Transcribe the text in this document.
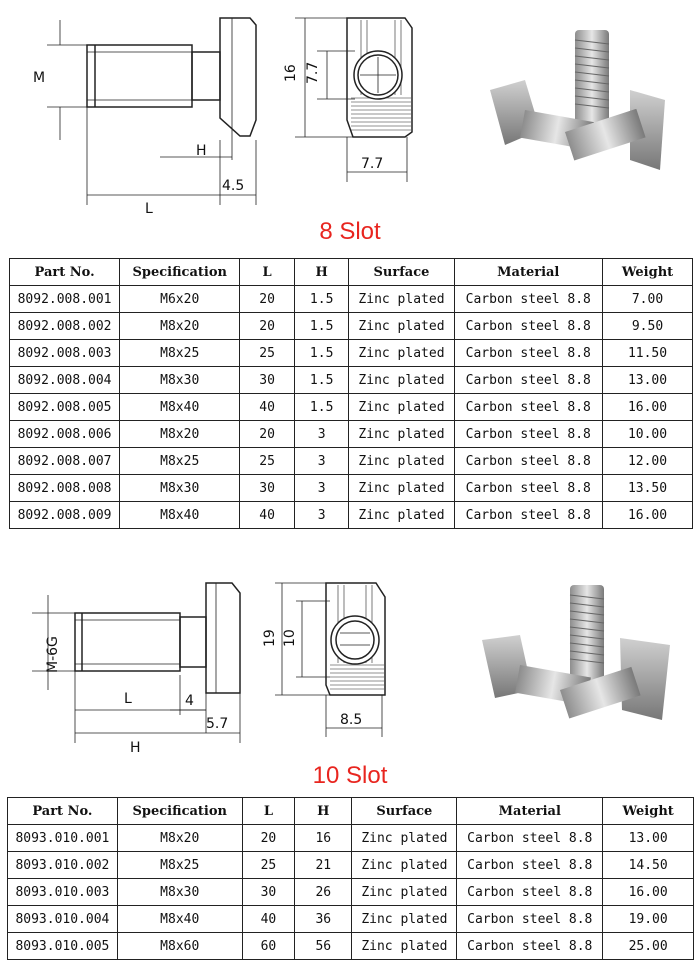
M
H
4.5
L
16 7.7
7.7
8 Slot
Part No.	Specification	L	H	Surface	Material	Weight
8092.008.001	M6x20	20	1.5	Zinc plated	Carbon steel 8.8	7.00
8092.008.002	M8x20	20	1.5	Zinc plated	Carbon steel 8.8	9.50
8092.008.003	M8x25	25	1.5	Zinc plated	Carbon steel 8.8	11.50
8092.008.004	M8x30	30	1.5	Zinc plated	Carbon steel 8.8	13.00
8092.008.005	M8x40	40	1.5	Zinc plated	Carbon steel 8.8	16.00
8092.008.006	M8x20	20	3	Zinc plated	Carbon steel 8.8	10.00
8092.008.007	M8x25	25	3	Zinc plated	Carbon steel 8.8	12.00
8092.008.008	M8x30	30	3	Zinc plated	Carbon steel 8.8	13.50
8092.008.009	M8x40	40	3	Zinc plated	Carbon steel 8.8	16.00
M-6G
L	4
5.7
H
19 10
8.5
10 Slot
Part No.	Specification	L	H	Surface	Material	Weight
8093.010.001	M8x20	20	16	Zinc plated	Carbon steel 8.8	13.00
8093.010.002	M8x25	25	21	Zinc plated	Carbon steel 8.8	14.50
8093.010.003	M8x30	30	26	Zinc plated	Carbon steel 8.8	16.00
8093.010.004	M8x40	40	36	Zinc plated	Carbon steel 8.8	19.00
8093.010.005	M8x60	60	56	Zinc plated	Carbon steel 8.8	25.00
